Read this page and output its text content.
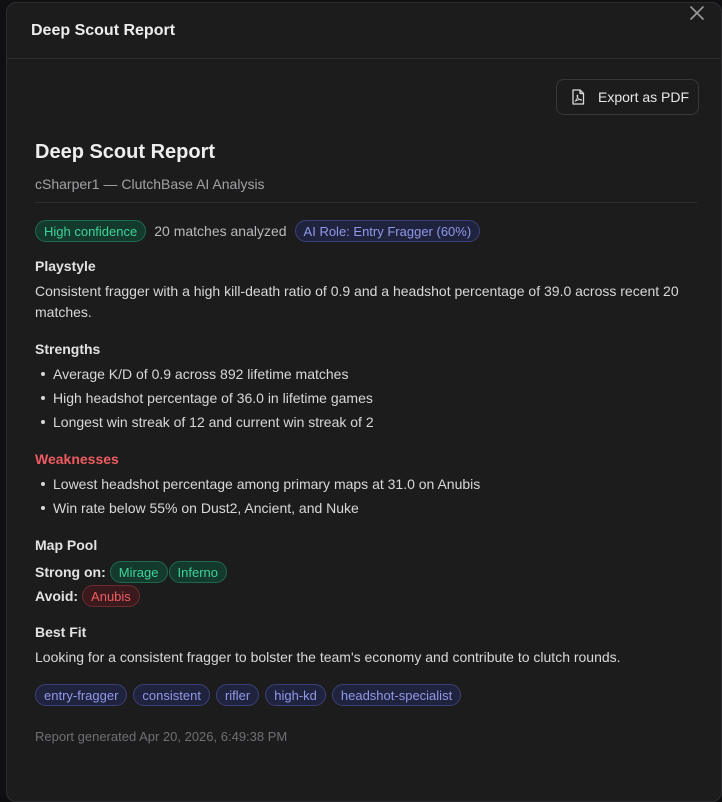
Deep Scout Report
Export as PDF
Deep Scout Report
cSharper1 — ClutchBase AI Analysis
High confidence	20 matches analyzed	AI Role: Entry Fragger (60%)
Playstyle
Consistent fragger with a high kill-death ratio of 0.9 and a headshot percentage of 39.0 across recent 20 matches.
Strengths
Average K/D of 0.9 across 892 lifetime matches
High headshot percentage of 36.0 in lifetime games
Longest win streak of 12 and current win streak of 2
Weaknesses
Lowest headshot percentage among primary maps at 31.0 on Anubis
Win rate below 55% on Dust2, Ancient, and Nuke
Map Pool
Strong on:	Mirage	Inferno
Avoid:	Anubis
Best Fit
Looking for a consistent fragger to bolster the team's economy and contribute to clutch rounds.
entry-fragger	consistent	rifler	high-kd	headshot-specialist
Report generated Apr 20, 2026, 6:49:38 PM
